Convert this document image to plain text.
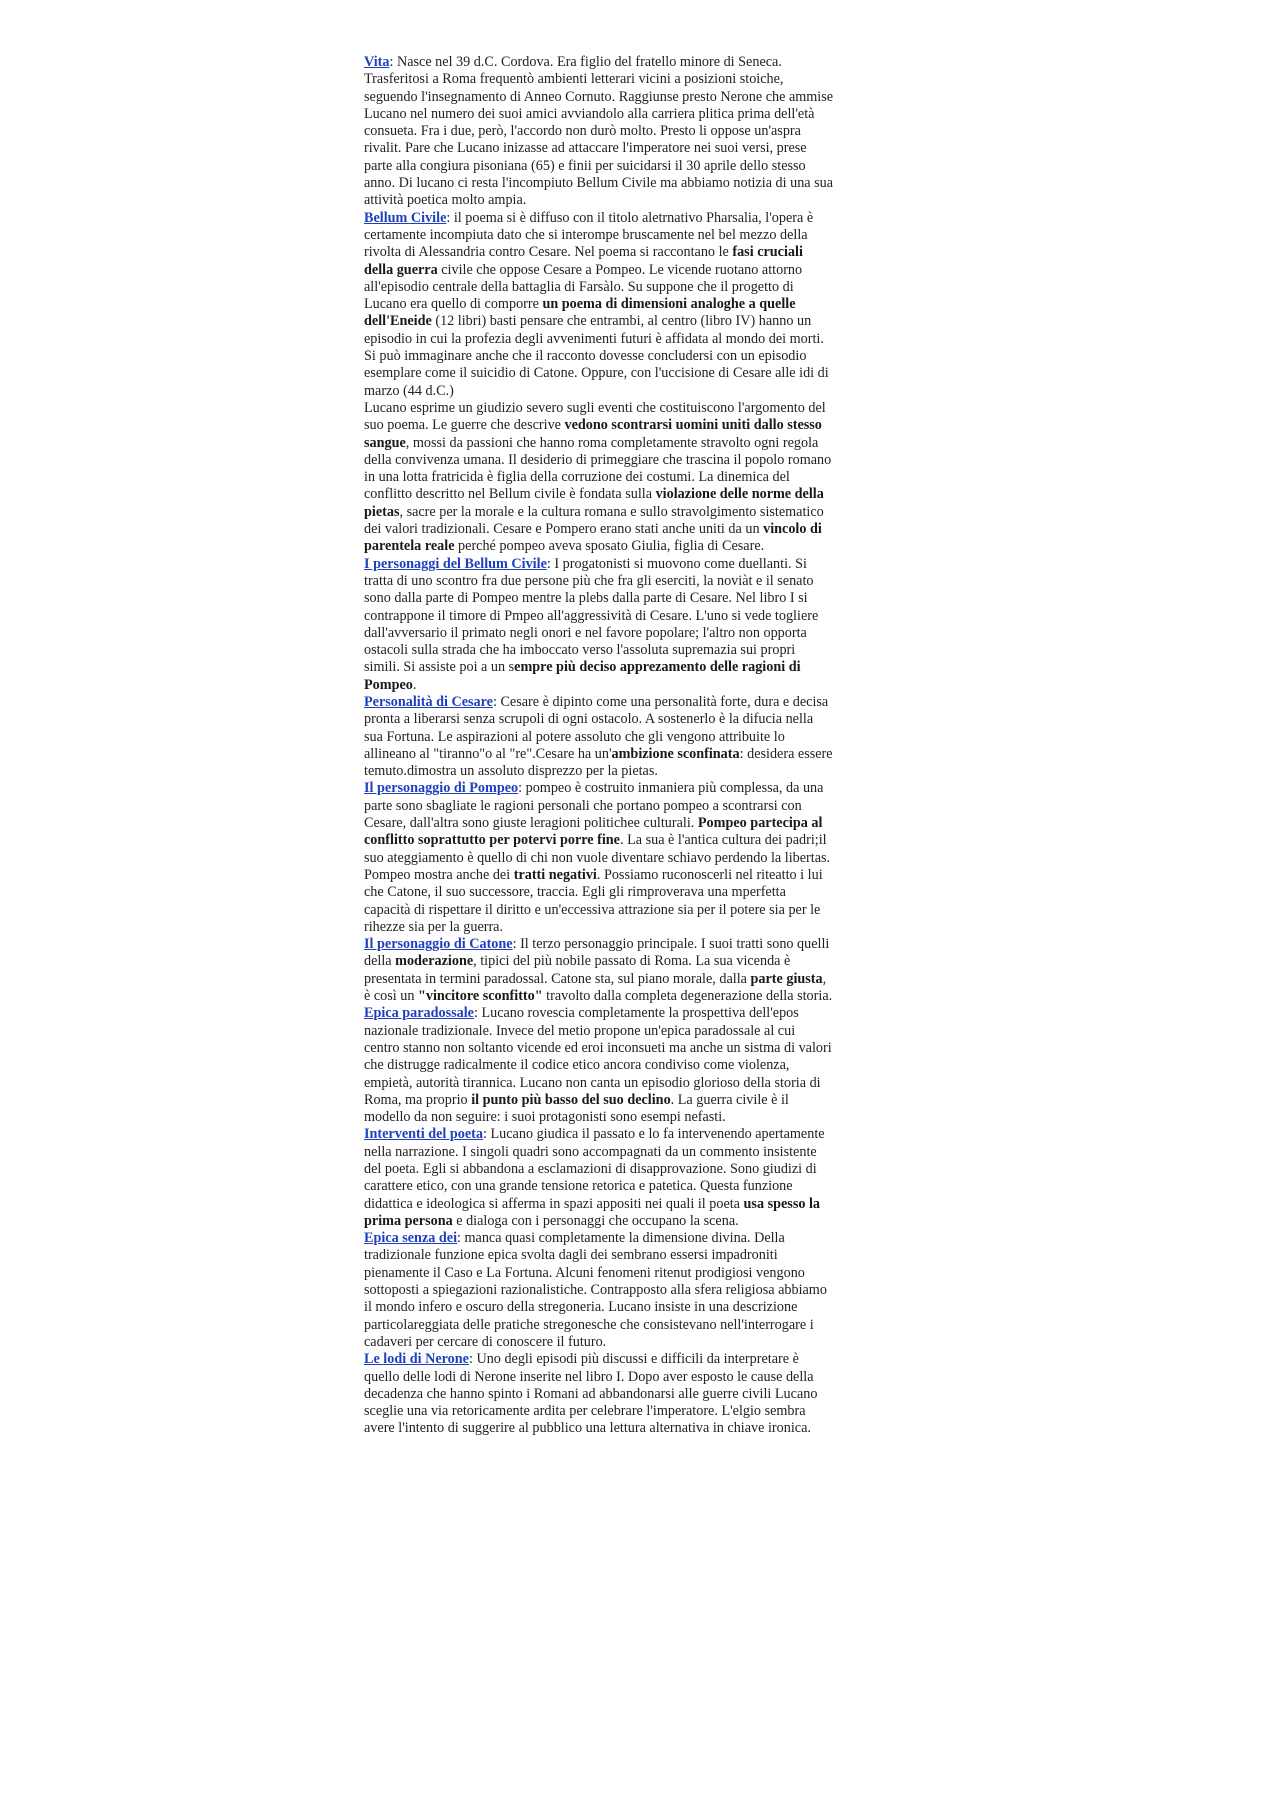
Vita: Nasce nel 39 d.C. Cordova. Era figlio del fratello minore di Seneca. Trasferitosi a Roma frequentò ambienti letterari vicini a posizioni stoiche, seguendo l'insegnamento di Anneo Cornuto. Raggiunse presto Nerone che ammise Lucano nel numero dei suoi amici avviandolo alla carriera plitica prima dell'età consueta. Fra i due, però, l'accordo non durò molto. Presto li oppose un'aspra rivalit. Pare che Lucano inizasse ad attaccare l'imperatore nei suoi versi, prese parte alla congiura pisoniana (65) e finii per suicidarsi il 30 aprile dello stesso anno. Di lucano ci resta l'incompiuto Bellum Civile ma abbiamo notizia di una sua attività poetica molto ampia.

Bellum Civile: il poema si è diffuso con il titolo aletrnativo Pharsalia, l'opera è certamente incompiuta dato che si interompe bruscamente nel bel mezzo della rivolta di Alessandria contro Cesare. Nel poema si raccontano le fasi cruciali della guerra civile che oppose Cesare a Pompeo. Le vicende ruotano attorno all'episodio centrale della battaglia di Farsàlo. Su suppone che il progetto di Lucano era quello di comporre un poema di dimensioni analoghe a quelle dell'Eneide (12 libri) basti pensare che entrambi, al centro (libro IV) hanno un episodio in cui la profezia degli avvenimenti futuri è affidata al mondo dei morti. Si può immaginare anche che il racconto dovesse concludersi con un episodio esemplare come il suicidio di Catone. Oppure, con l'uccisione di Cesare alle idi di marzo (44 d.C.)

Lucano esprime un giudizio severo sugli eventi che costituiscono l'argomento del suo poema. Le guerre che descrive vedono scontrarsi uomini uniti dallo stesso sangue, mossi da passioni che hanno roma completamente stravolto ogni regola della convivenza umana. Il desiderio di primeggiare che trascina il popolo romano in una lotta fratricida è figlia della corruzione dei costumi. La dinemica del conflitto descritto nel Bellum civile è fondata sulla violazione delle norme della pietas, sacre per la morale e la cultura romana e sullo stravolgimento sistematico dei valori tradizionali. Cesare e Pompero erano stati anche uniti da un vincolo di parentela reale perché pompeo aveva sposato Giulia, figlia di Cesare.

I personaggi del Bellum Civile: I progatonisti si muovono come duellanti. Si tratta di uno scontro fra due persone più che fra gli eserciti, la noviàt e il senato sono dalla parte di Pompeo mentre la plebs dalla parte di Cesare. Nel libro I si contrappone il timore di Pmpeo all'aggressività di Cesare. L'uno si vede togliere dall'avversario il primato negli onori e nel favore popolare; l'altro non opporta ostacoli sulla strada che ha imboccato verso l'assoluta supremazia sui propri simili. Si assiste poi a un sempre più deciso apprezamento delle ragioni di Pompeo.

Personalità di Cesare: Cesare è dipinto come una personalità forte, dura e decisa pronta a liberarsi senza scrupoli di ogni ostacolo. A sostenerlo è la difucia nella sua Fortuna. Le aspirazioni al potere assoluto che gli vengono attribuite lo allineano al "tiranno"o al "re".Cesare ha un'ambizione sconfinata: desidera essere temuto.dimostra un assoluto disprezzo per la pietas.

Il personaggio di Pompeo: pompeo è costruito inmaniera più complessa, da una parte sono sbagliate le ragioni personali che portano pompeo a scontrarsi con Cesare, dall'altra sono giuste leragioni politichee culturali. Pompeo partecipa al conflitto soprattutto per potervi porre fine. La sua è l'antica cultura dei padri;il suo ateggiamento è quello di chi non vuole diventare schiavo perdendo la libertas. Pompeo mostra anche dei tratti negativi. Possiamo ruconoscerli nel riteatto i lui che Catone, il suo successore, traccia. Egli gli rimproverava una mperfetta capacità di rispettare il diritto e un'eccessiva attrazione sia per il potere sia per le rihezze sia per la guerra.

Il personaggio di Catone: Il terzo personaggio principale. I suoi tratti sono quelli della moderazione, tipici del più nobile passato di Roma. La sua vicenda è presentata in termini paradossal. Catone sta, sul piano morale, dalla parte giusta, è così un "vincitore sconfitto" travolto dalla completa degenerazione della storia.

Epica paradossale: Lucano rovescia completamente la prospettiva dell'epos nazionale tradizionale. Invece del metio propone un'epica paradossale al cui centro stanno non soltanto vicende ed eroi inconsueti ma anche un sistma di valori che distrugge radicalmente il codice etico ancora condiviso come violenza, empietà, autorità tirannica. Lucano non canta un episodio glorioso della storia di Roma, ma proprio il punto più basso del suo declino. La guerra civile è il modello da non seguire: i suoi protagonisti sono esempi nefasti.

Interventi del poeta: Lucano giudica il passato e lo fa intervenendo apertamente nella narrazione. I singoli quadri sono accompagnati da un commento insistente del poeta. Egli si abbandona a esclamazioni di disapprovazione. Sono giudizi di carattere etico, con una grande tensione retorica e patetica. Questa funzione didattica e ideologica si afferma in spazi appositi nei quali il poeta usa spesso la prima persona e dialoga con i personaggi che occupano la scena.

Epica senza dei: manca quasi completamente la dimensione divina. Della tradizionale funzione epica svolta dagli dei sembrano essersi impadroniti pienamente il Caso e La Fortuna. Alcuni fenomeni ritenut prodigiosi vengono sottoposti a spiegazioni razionalistiche. Contrapposto alla sfera religiosa abbiamo il mondo infero e oscuro della stregoneria. Lucano insiste in una descrizione particolareggiata delle pratiche stregonesche che consistevano nell'interrogare i cadaveri per cercare di conoscere il futuro.

Le lodi di Nerone: Uno degli episodi più discussi e difficili da interpretare è quello delle lodi di Nerone inserite nel libro I. Dopo aver esposto le cause della decadenza che hanno spinto i Romani ad abbandonarsi alle guerre civili Lucano sceglie una via retoricamente ardita per celebrare l'imperatore. L'elgio sembra avere l'intento di suggerire al pubblico una lettura alternativa in chiave ironica.
